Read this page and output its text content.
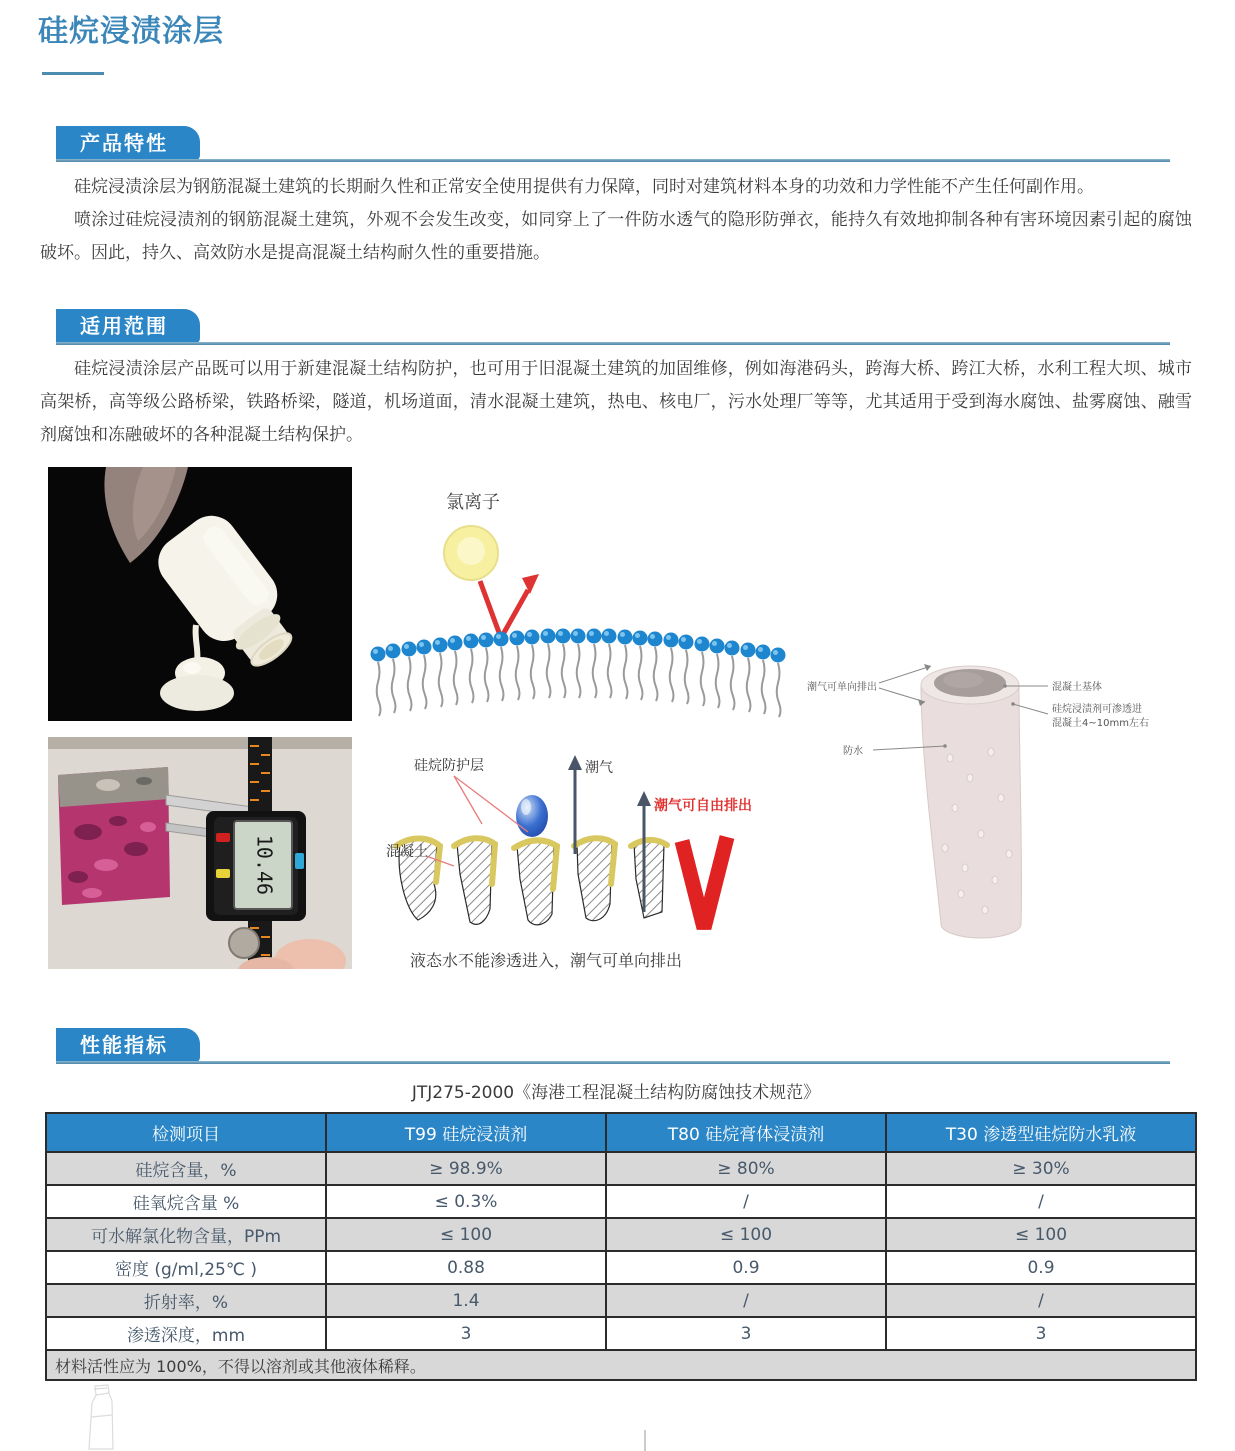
硅烷浸渍涂层
产品特性

硅烷浸渍涂层为钢筋混凝土建筑的长期耐久性和正常安全使用提供有力保障，同时对建筑材料本身的功效和力学性能不产生任何副作用。

喷涂过硅烷浸渍剂的钢筋混凝土建筑，外观不会发生改变，如同穿上了一件防水透气的隐形防弹衣，能持久有效地抑制各种有害环境因素引起的腐蚀破坏。因此，持久、高效防水是提高混凝土结构耐久性的重要措施。

适用范围

硅烷浸渍涂层产品既可以用于新建混凝土结构防护，也可用于旧混凝土建筑的加固维修，例如海港码头，跨海大桥、跨江大桥，水利工程大坝、城市高架桥，高等级公路桥梁，铁路桥梁，隧道，机场道面，清水混凝土建筑，热电、核电厂，污水处理厂等等，尤其适用于受到海水腐蚀、盐雾腐蚀、融雪剂腐蚀和冻融破坏的各种混凝土结构保护。

氯离子
潮气可单向排出	混凝土基体
硅烷浸渍剂可渗透进
混凝土4~10mm左右
防水
10.46
硅烷防护层	潮气
潮气可自由排出
混凝土
液态水不能渗透进入，潮气可单向排出
性能指标
JTJ275-2000《海港工程混凝土结构防腐蚀技术规范》
检测项目	T99 硅烷浸渍剂	T80 硅烷膏体浸渍剂	T30 渗透型硅烷防水乳液
硅烷含量，%	≥ 98.9%	≥ 80%	≥ 30%
硅氧烷含量 %	≤ 0.3%	/	/
可水解氯化物含量，PPm	≤ 100	≤ 100	≤ 100
密度 (g/ml,25℃ )	0.88	0.9	0.9
折射率，%	1.4	/	/
渗透深度，mm	3	3	3
材料活性应为 100%，不得以溶剂或其他液体稀释。			
